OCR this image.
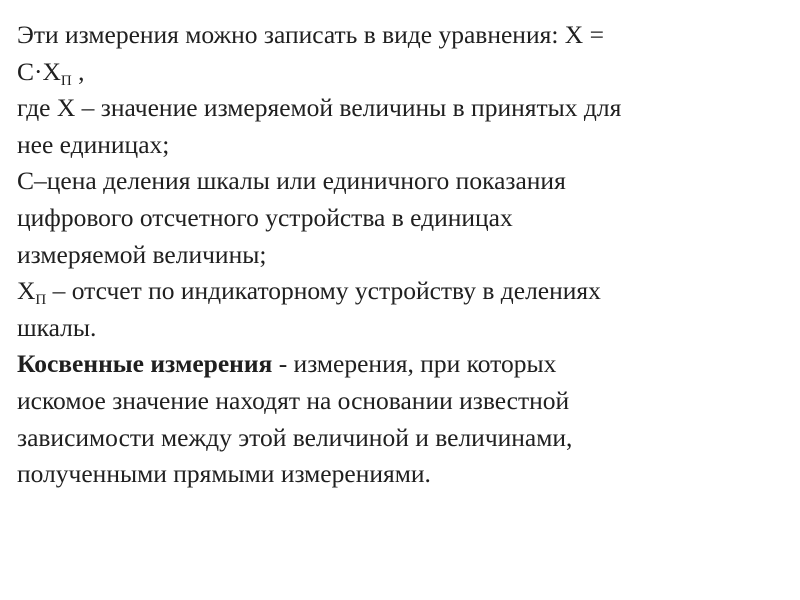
Эти измерения можно записать в виде уравнения: X =
С·XП ,
где X – значение измеряемой величины в принятых для
нее единицах;
С–цена деления шкалы или единичного показания
цифрового отсчетного устройства в единицах
измеряемой величины;
XП – отсчет по индикаторному устройству в делениях
шкалы.
Косвенные измерения - измерения, при которых
искомое значение находят на основании известной
зависимости между этой величиной и величинами,
полученными прямыми измерениями.
